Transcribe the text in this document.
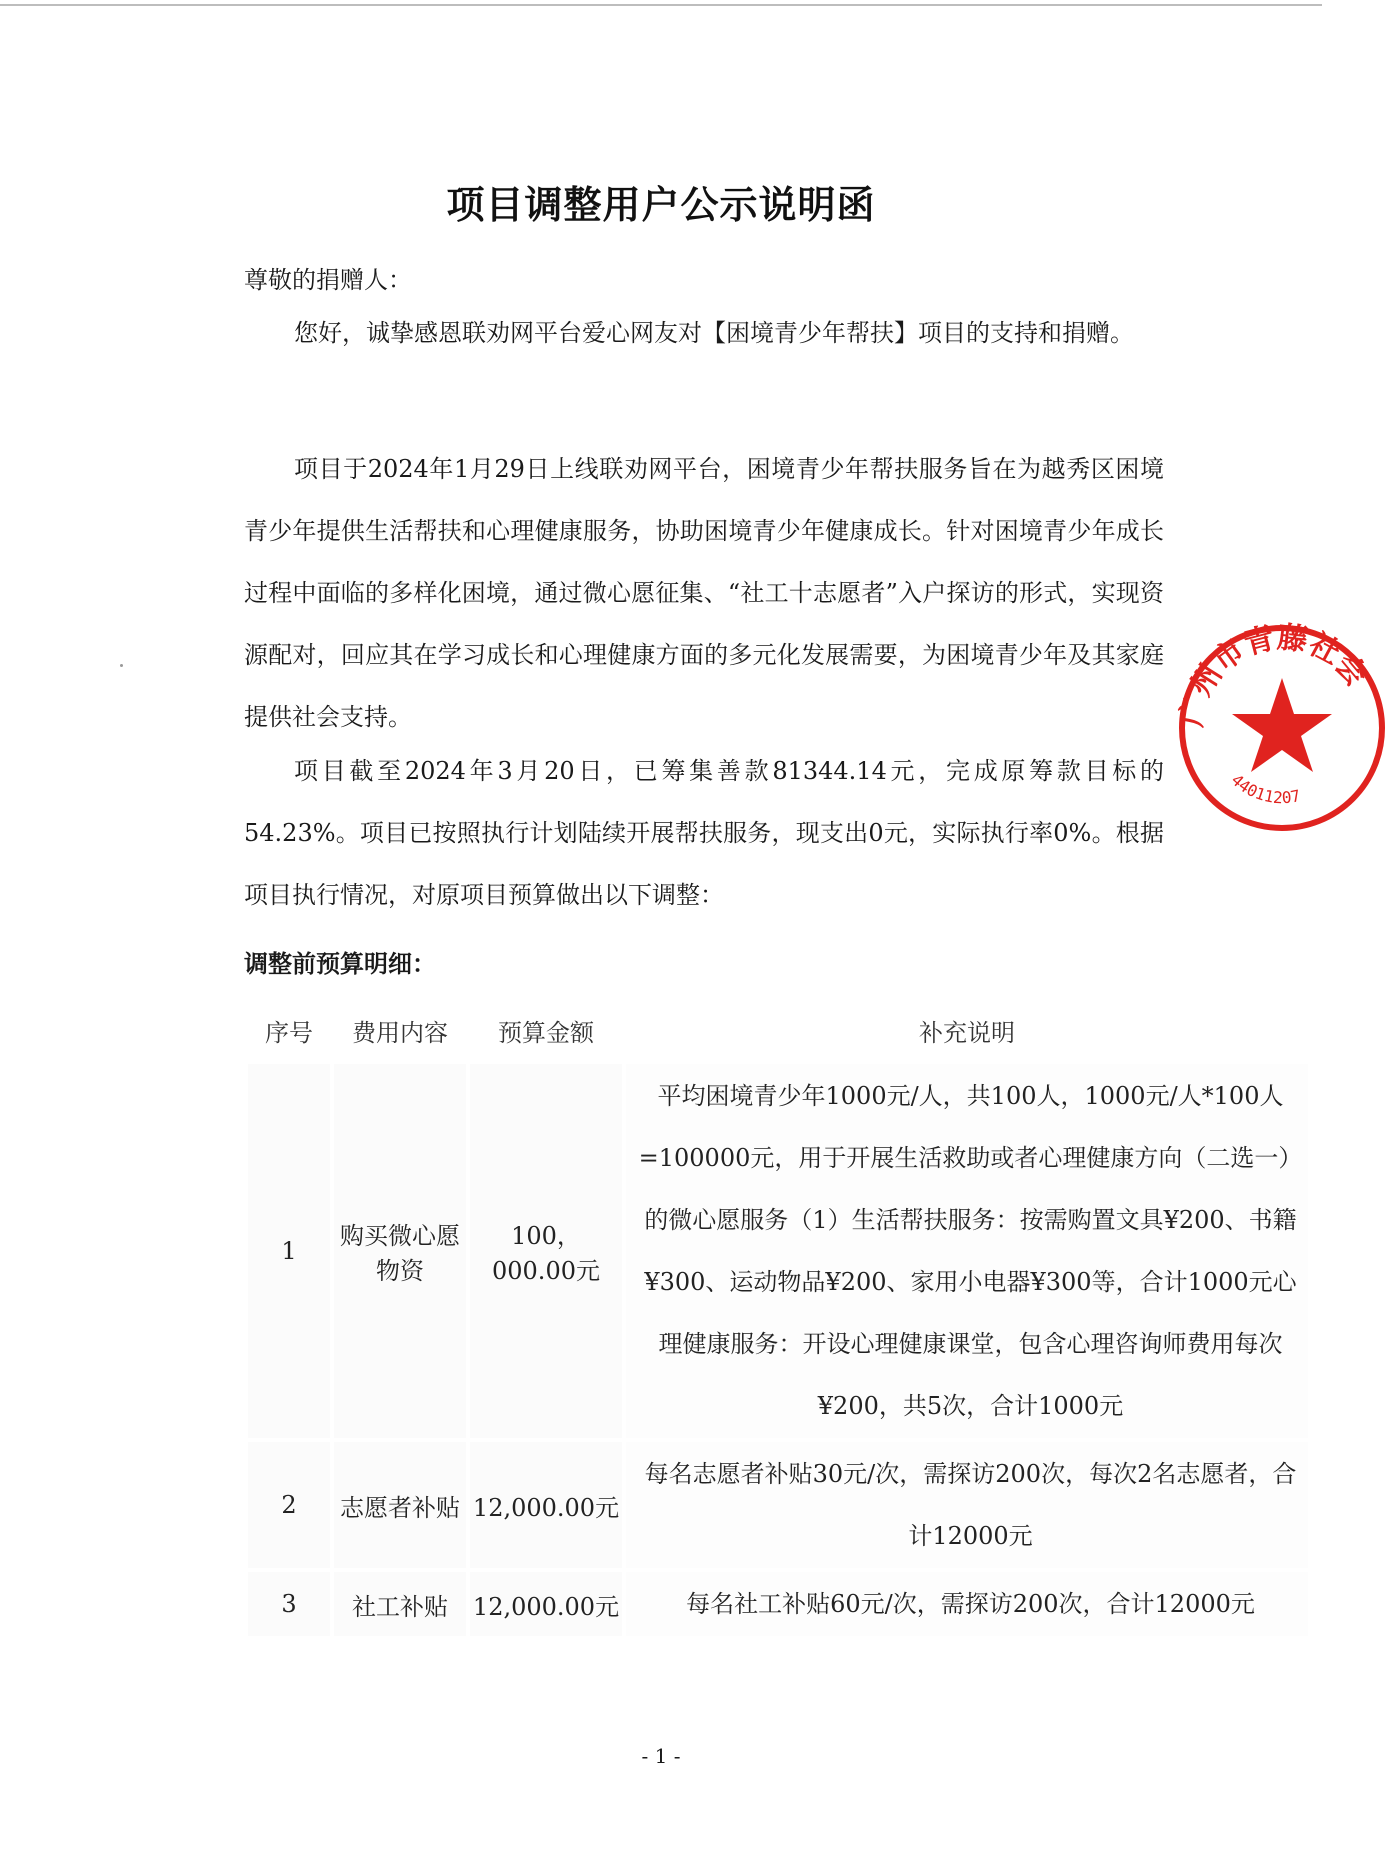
项目调整用户公示说明函
尊敬的捐赠人：

您好，诚挚感恩联劝网平台爱心网友对【困境青少年帮扶】项目的支持和捐赠。

项目于2024年1月29日上线联劝网平台，困境青少年帮扶服务旨在为越秀区困境青少年提供生活帮扶和心理健康服务，协助困境青少年健康成长。针对困境青少年成长过程中面临的多样化困境，通过微心愿征集、“社工十志愿者”入户探访的形式，实现资源配对，回应其在学习成长和心理健康方面的多元化发展需要，为困境青少年及其家庭提供社会支持。

项目截至2024年3月20日，已筹集善款81344.14元，完成原筹款目标的54.23%。项目已按照执行计划陆续开展帮扶服务，现支出0元，实际执行率0%。根据项目执行情况，对原项目预算做出以下调整：

调整前预算明细：
序号	费用内容	预算金额	补充说明
1	购买微心愿物资	100，000.00元	平均困境青少年1000元/人，共100人，1000元/人*100人=100000元，用于开展生活救助或者心理健康方向（二选一）的微心愿服务（1）生活帮扶服务：按需购置文具¥200、书籍¥300、运动物品¥200、家用小电器¥300等，合计1000元心理健康服务：开设心理健康课堂，包含心理咨询师费用每次¥200，共5次，合计1000元
2	志愿者补贴	12,000.00元	每名志愿者补贴30元/次，需探访200次，每次2名志愿者，合计12000元
3	社工补贴	12,000.00元	每名社工补贴60元/次，需探访200次，合计12000元
广州市青藤社会
44011207
- 1 -
